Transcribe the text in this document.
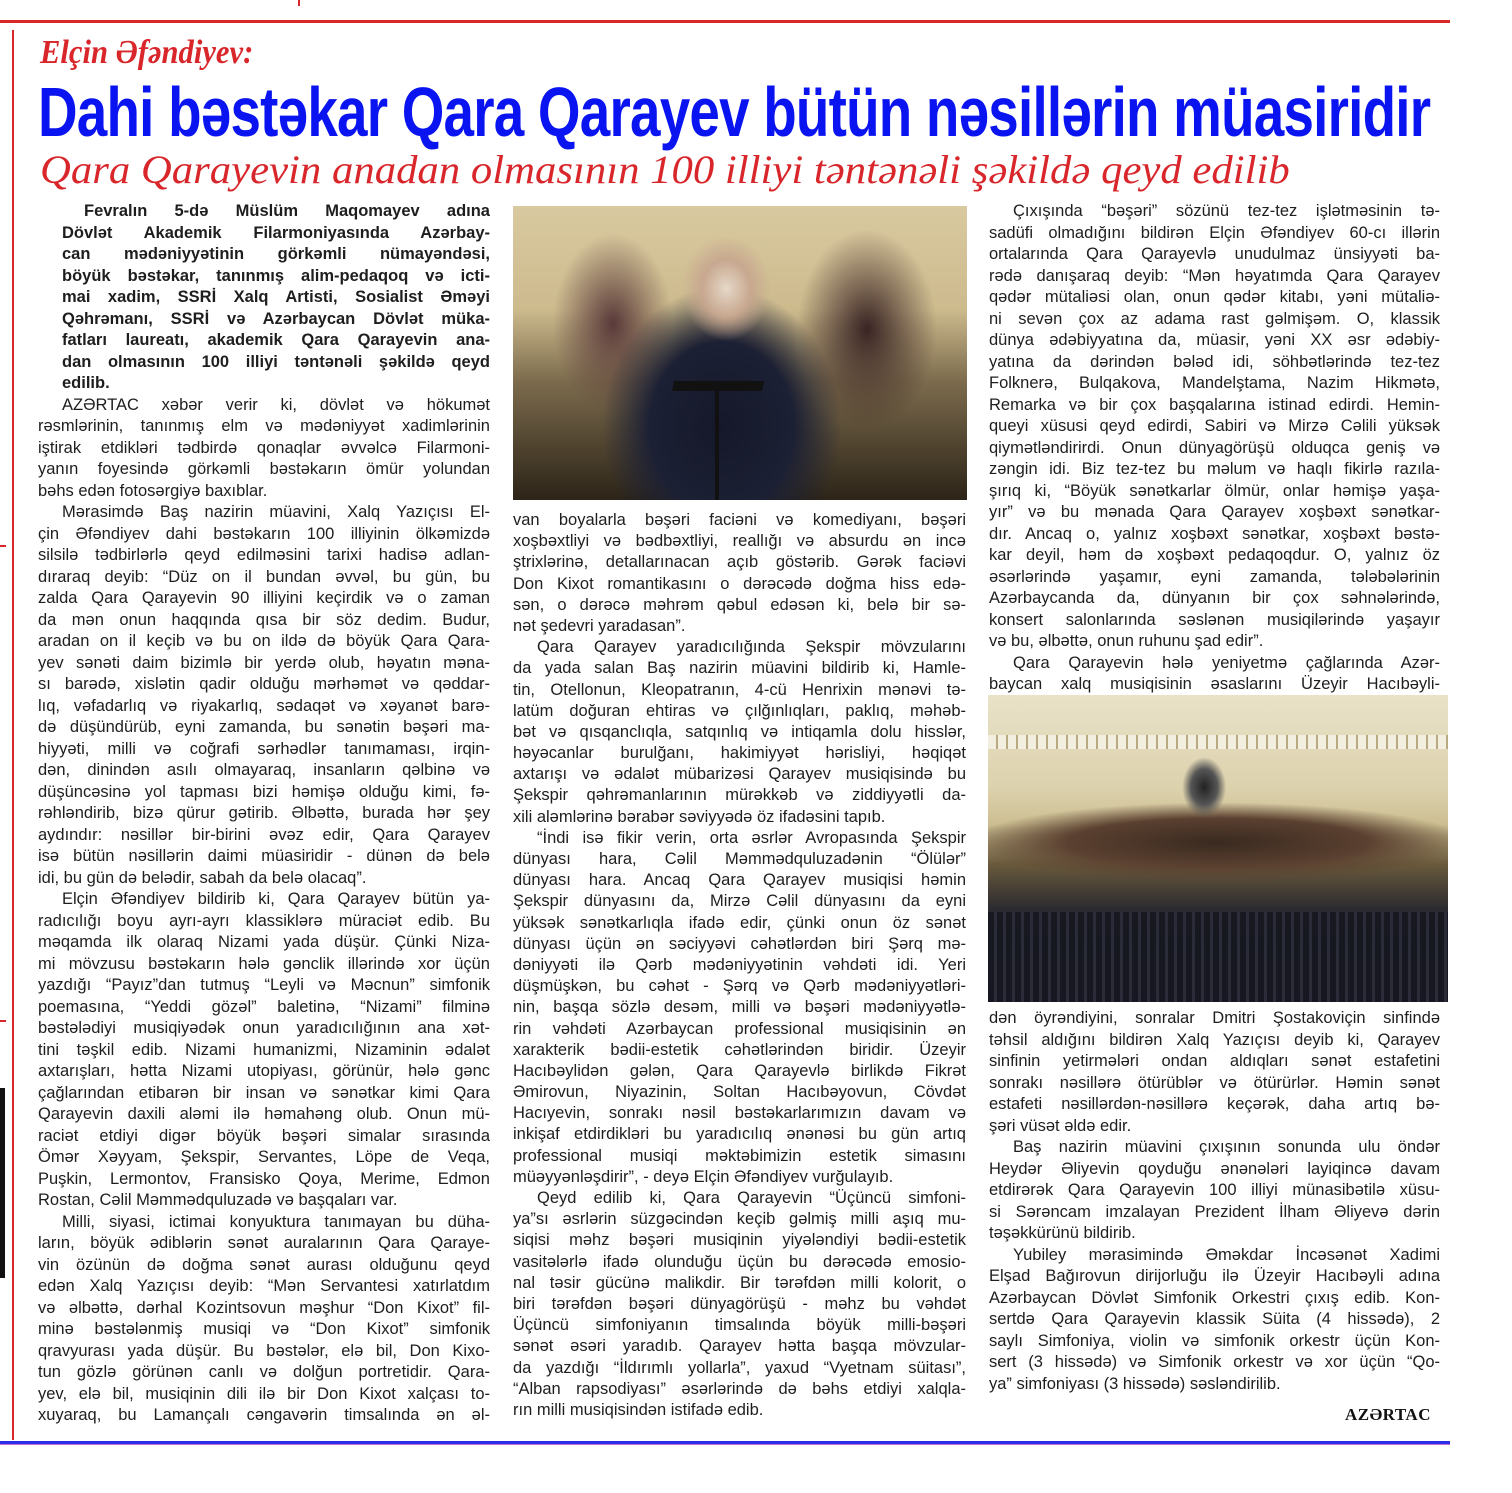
Elçin Əfəndiyev:
Dahi bəstəkar Qara Qarayev bütün nəsillərin müasiridir
Qara Qarayevin anadan olmasının 100 illiyi təntənəli şəkildə qeyd edilib
Fevralın 5-də Müslüm Maqomayev adına
Dövlət Akademik Filarmoniyasında Azərbay-
can mədəniyyətinin görkəmli nümayəndəsi,
böyük bəstəkar, tanınmış alim-pedaqoq və icti-
mai xadim, SSRİ Xalq Artisti, Sosialist Əməyi
Qəhrəmanı, SSRİ və Azərbaycan Dövlət müka-
fatları laureatı, akademik Qara Qarayevin ana-
dan olmasının 100 illiyi təntənəli şəkildə qeyd
edilib.
AZƏRTAC xəbər verir ki, dövlət və hökumət
rəsmlərinin, tanınmış elm və mədəniyyət xadimlərinin
iştirak etdikləri tədbirdə qonaqlar əvvəlcə Filarmoni-
yanın foyesində görkəmli bəstəkarın ömür yolundan
bəhs edən fotosərgiyə baxıblar.
Mərasimdə Baş nazirin müavini, Xalq Yazıçısı El-
çin Əfəndiyev dahi bəstəkarın 100 illiyinin ölkəmizdə
silsilə tədbirlərlə qeyd edilməsini tarixi hadisə adlan-
dıraraq deyib: “Düz on il bundan əvvəl, bu gün, bu
zalda Qara Qarayevin 90 illiyini keçirdik və o zaman
da mən onun haqqında qısa bir söz dedim. Budur,
aradan on il keçib və bu on ildə də böyük Qara Qara-
yev sənəti daim bizimlə bir yerdə olub, həyatın məna-
sı barədə, xislətin qadir olduğu mərhəmət və qəddar-
lıq, vəfadarlıq və riyakarlıq, sədaqət və xəyanət barə-
də düşündürüb, eyni zamanda, bu sənətin bəşəri ma-
hiyyəti, milli və coğrafi sərhədlər tanımaması, irqin-
dən, dinindən asılı olmayaraq, insanların qəlbinə və
düşüncəsinə yol tapması bizi həmişə olduğu kimi, fə-
rəhləndirib, bizə qürur gətirib. Əlbəttə, burada hər şey
aydındır: nəsillər bir-birini əvəz edir, Qara Qarayev
isə bütün nəsillərin daimi müasiridir - dünən də belə
idi, bu gün də belədir, sabah da belə olacaq”.
Elçin Əfəndiyev bildirib ki, Qara Qarayev bütün ya-
radıcılığı boyu ayrı-ayrı klassiklərə müraciət edib. Bu
məqamda ilk olaraq Nizami yada düşür. Çünki Niza-
mi mövzusu bəstəkarın hələ gənclik illərində xor üçün
yazdığı “Payız”dan tutmuş “Leyli və Məcnun” simfonik
poemasına, “Yeddi gözəl” baletinə, “Nizami” filminə
bəstələdiyi musiqiyədək onun yaradıcılığının ana xət-
tini təşkil edib. Nizami humanizmi, Nizaminin ədalət
axtarışları, hətta Nizami utopiyası, görünür, hələ gənc
çağlarından etibarən bir insan və sənətkar kimi Qara
Qarayevin daxili aləmi ilə həmahəng olub. Onun mü-
raciət etdiyi digər böyük bəşəri simalar sırasında
Ömər Xəyyam, Şekspir, Servantes, Löpe de Veqa,
Puşkin, Lermontov, Fransisko Qoya, Merime, Edmon
Rostan, Cəlil Məmmədquluzadə və başqaları var.
Milli, siyasi, ictimai konyuktura tanımayan bu düha-
ların, böyük ədiblərin sənət auralarının Qara Qaraye-
vin özünün də doğma sənət aurası olduğunu qeyd
edən Xalq Yazıçısı deyib: “Mən Servantesi xatırlatdım
və əlbəttə, dərhal Kozintsovun məşhur “Don Kixot” fil-
minə bəstələnmiş musiqi və “Don Kixot” simfonik
qravyurası yada düşür. Bu bəstələr, elə bil, Don Kixo-
tun gözlə görünən canlı və dolğun portretidir. Qara-
yev, elə bil, musiqinin dili ilə bir Don Kixot xalçası to-
xuyaraq, bu Lamançalı cəngavərin timsalında ən əl-
van boyalarla bəşəri faciəni və komediyanı, bəşəri
xoşbəxtliyi və bədbəxtliyi, reallığı və absurdu ən incə
ştrixlərinə, detallarınacan açıb göstərib. Gərək faciəvi
Don Kixot romantikasını o dərəcədə doğma hiss edə-
sən, o dərəcə məhrəm qəbul edəsən ki, belə bir sə-
nət şedevri yaradasan”.
Qara Qarayev yaradıcılığında Şekspir mövzularını
da yada salan Baş nazirin müavini bildirib ki, Hamle-
tin, Otellonun, Kleopatranın, 4-cü Henrixin mənəvi tə-
latüm doğuran ehtiras və çılğınlıqları, paklıq, məhəb-
bət və qısqanclıqla, satqınlıq və intiqamla dolu hisslər,
həyəcanlar burulğanı, hakimiyyət hərisliyi, həqiqət
axtarışı və ədalət mübarizəsi Qarayev musiqisində bu
Şekspir qəhrəmanlarının mürəkkəb və ziddiyyətli da-
xili aləmlərinə bərabər səviyyədə öz ifadəsini tapıb.
“İndi isə fikir verin, orta əsrlər Avropasında Şekspir
dünyası hara, Cəlil Məmmədquluzadənin “Ölülər”
dünyası hara. Ancaq Qara Qarayev musiqisi həmin
Şekspir dünyasını da, Mirzə Cəlil dünyasını da eyni
yüksək sənətkarlıqla ifadə edir, çünki onun öz sənət
dünyası üçün ən səciyyəvi cəhətlərdən biri Şərq mə-
dəniyyəti ilə Qərb mədəniyyətinin vəhdəti idi. Yeri
düşmüşkən, bu cəhət - Şərq və Qərb mədəniyyətləri-
nin, başqa sözlə desəm, milli və bəşəri mədəniyyətlə-
rin vəhdəti Azərbaycan professional musiqisinin ən
xarakterik bədii-estetik cəhətlərindən biridir. Üzeyir
Hacıbəylidən gələn, Qara Qarayevlə birlikdə Fikrət
Əmirovun, Niyazinin, Soltan Hacıbəyovun, Cövdət
Hacıyevin, sonrakı nəsil bəstəkarlarımızın davam və
inkişaf etdirdikləri bu yaradıcılıq ənənəsi bu gün artıq
professional musiqi məktəbimizin estetik simasını
müəyyənləşdirir”, - deyə Elçin Əfəndiyev vurğulayıb.
Qeyd edilib ki, Qara Qarayevin “Üçüncü simfoni-
ya”sı əsrlərin süzgəcindən keçib gəlmiş milli aşıq mu-
siqisi məhz bəşəri musiqinin yiyələndiyi bədii-estetik
vasitələrlə ifadə olunduğu üçün bu dərəcədə emosio-
nal təsir gücünə malikdir. Bir tərəfdən milli kolorit, o
biri tərəfdən bəşəri dünyagörüşü - məhz bu vəhdət
Üçüncü simfoniyanın timsalında böyük milli-bəşəri
sənət əsəri yaradıb. Qarayev hətta başqa mövzular-
da yazdığı “İldırımlı yollarla”, yaxud “Vyetnam süitası”,
“Alban rapsodiyası” əsərlərində də bəhs etdiyi xalqla-
rın milli musiqisindən istifadə edib.
Çıxışında “bəşəri” sözünü tez-tez işlətməsinin tə-
sadüfi olmadığını bildirən Elçin Əfəndiyev 60-cı illərin
ortalarında Qara Qarayevlə unudulmaz ünsiyyəti ba-
rədə danışaraq deyib: “Mən həyatımda Qara Qarayev
qədər mütaliəsi olan, onun qədər kitabı, yəni mütaliə-
ni sevən çox az adama rast gəlmişəm. O, klassik
dünya ədəbiyyatına da, müasir, yəni XX əsr ədəbiy-
yatına da dərindən bələd idi, söhbətlərində tez-tez
Folknerə, Bulqakova, Mandelştama, Nazim Hikmətə,
Remarka və bir çox başqalarına istinad edirdi. Hemin-
queyi xüsusi qeyd edirdi, Sabiri və Mirzə Cəlili yüksək
qiymətləndirirdi. Onun dünyagörüşü olduqca geniş və
zəngin idi. Biz tez-tez bu məlum və haqlı fikirlə razıla-
şırıq ki, “Böyük sənətkarlar ölmür, onlar həmişə yaşa-
yır” və bu mənada Qara Qarayev xoşbəxt sənətkar-
dır. Ancaq o, yalnız xoşbəxt sənətkar, xoşbəxt bəstə-
kar deyil, həm də xoşbəxt pedaqoqdur. O, yalnız öz
əsərlərində yaşamır, eyni zamanda, tələbələrinin
Azərbaycanda da, dünyanın bir çox səhnələrində,
konsert salonlarında səslənən musiqilərində yaşayır
və bu, əlbəttə, onun ruhunu şad edir”.
Qara Qarayevin hələ yeniyetmə çağlarında Azər-
baycan xalq musiqisinin əsaslarını Üzeyir Hacıbəyli-
dən öyrəndiyini, sonralar Dmitri Şostakoviçin sinfində
təhsil aldığını bildirən Xalq Yazıçısı deyib ki, Qarayev
sinfinin yetirmələri ondan aldıqları sənət estafetini
sonrakı nəsillərə ötürüblər və ötürürlər. Həmin sənət
estafeti nəsillərdən-nəsillərə keçərək, daha artıq bə-
şəri vüsət əldə edir.
Baş nazirin müavini çıxışının sonunda ulu öndər
Heydər Əliyevin qoyduğu ənənələri layiqincə davam
etdirərək Qara Qarayevin 100 illiyi münasibətilə xüsu-
si Sərəncam imzalayan Prezident İlham Əliyevə dərin
təşəkkürünü bildirib.
Yubiley mərasimində Əməkdar İncəsənət Xadimi
Elşad Bağırovun dirijorluğu ilə Üzeyir Hacıbəyli adına
Azərbaycan Dövlət Simfonik Orkestri çıxış edib. Kon-
sertdə Qara Qarayevin klassik Süita (4 hissədə), 2
saylı Simfoniya, violin və simfonik orkestr üçün Kon-
sert (3 hissədə) və Simfonik orkestr və xor üçün “Qo-
ya” simfoniyası (3 hissədə) səsləndirilib.
AZƏRTAC
